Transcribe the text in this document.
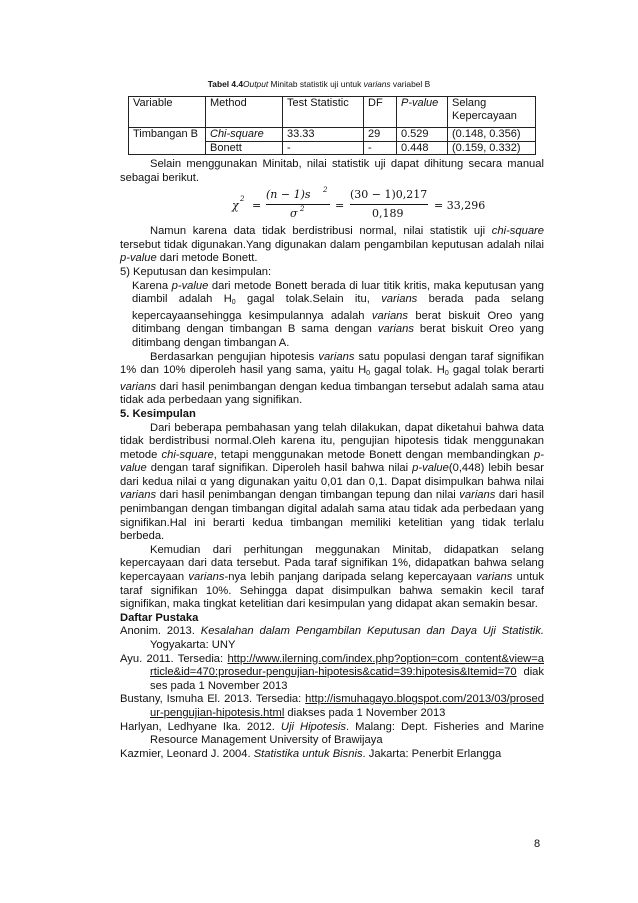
Tabel 4.4Output Minitab statistik uji untuk varians variabel B
Variable	Method	Test Statistic	DF	P-value	Selang Kepercayaan
Timbangan B	Chi-square	33.33	29	0.529	(0.148, 0.356)
	Bonett	-	-	0.448	(0.159, 0.332)

Selain menggunakan Minitab, nilai statistik uji dapat dihitung secara manual sebagai berikut.

χ 2 =
(n − 1)s 2
σ 2	=
(30 − 1)0,217
0,189
= 33,296

Namun karena data tidak berdistribusi normal, nilai statistik uji chi-square tersebut tidak digunakan.Yang digunakan dalam pengambilan keputusan adalah nilai p-value dari metode Bonett.

5) Keputusan dan kesimpulan:

Karena p-value dari metode Bonett berada di luar titik kritis, maka keputusan yang diambil adalah $H_0$ gagal tolak.Selain itu, varians berada pada selang kepercayaansehingga kesimpulannya adalah varians berat biskuit Oreo yang ditimbang dengan timbangan B sama dengan varians berat biskuit Oreo yang ditimbang dengan timbangan A.

Berdasarkan pengujian hipotesis varians satu populasi dengan taraf signifikan 1% dan 10% diperoleh hasil yang sama, yaitu $H_0$ gagal tolak. $H_0$ gagal tolak berarti varians dari hasil penimbangan dengan kedua timbangan tersebut adalah sama atau tidak ada perbedaan yang signifikan.

5. Kesimpulan

Dari beberapa pembahasan yang telah dilakukan, dapat diketahui bahwa data tidak berdistribusi normal.Oleh karena itu, pengujian hipotesis tidak menggunakan metode chi-square, tetapi menggunakan metode Bonett dengan membandingkan p-value dengan taraf signifikan. Diperoleh hasil bahwa nilai p-value(0,448) lebih besar dari kedua nilai α yang digunakan yaitu 0,01 dan 0,1. Dapat disimpulkan bahwa nilai varians dari hasil penimbangan dengan timbangan tepung dan nilai varians dari hasil penimbangan dengan timbangan digital adalah sama atau tidak ada perbedaan yang signifikan.Hal ini berarti kedua timbangan memiliki ketelitian yang tidak terlalu berbeda.

Kemudian dari perhitungan meggunakan Minitab, didapatkan selang kepercayaan dari data tersebut. Pada taraf signifikan 1%, didapatkan bahwa selang kepercayaan varians-nya lebih panjang daripada selang kepercayaan varians untuk taraf signifikan 10%. Sehingga dapat disimpulkan bahwa semakin kecil taraf signifikan, maka tingkat ketelitian dari kesimpulan yang didapat akan semakin besar.

Daftar Pustaka

Anonim. 2013. Kesalahan dalam Pengambilan Keputusan dan Daya Uji Statistik. Yogyakarta: UNY

Ayu. 2011. Tersedia: http://www.ilerning.com/index.php?option=com_content&view=article&id=470:prosedur-pengujian-hipotesis&catid=39:hipotesis&Itemid=70 diakses pada 1 November 2013

Bustany, Ismuha El. 2013. Tersedia: http://ismuhagayo.blogspot.com/2013/03/prosedur-pengujian-hipotesis.html diakses pada 1 November 2013

Harlyan, Ledhyane Ika. 2012. Uji Hipotesis. Malang: Dept. Fisheries and Marine Resource Management University of Brawijaya

Kazmier, Leonard J. 2004. Statistika untuk Bisnis. Jakarta: Penerbit Erlangga

8
